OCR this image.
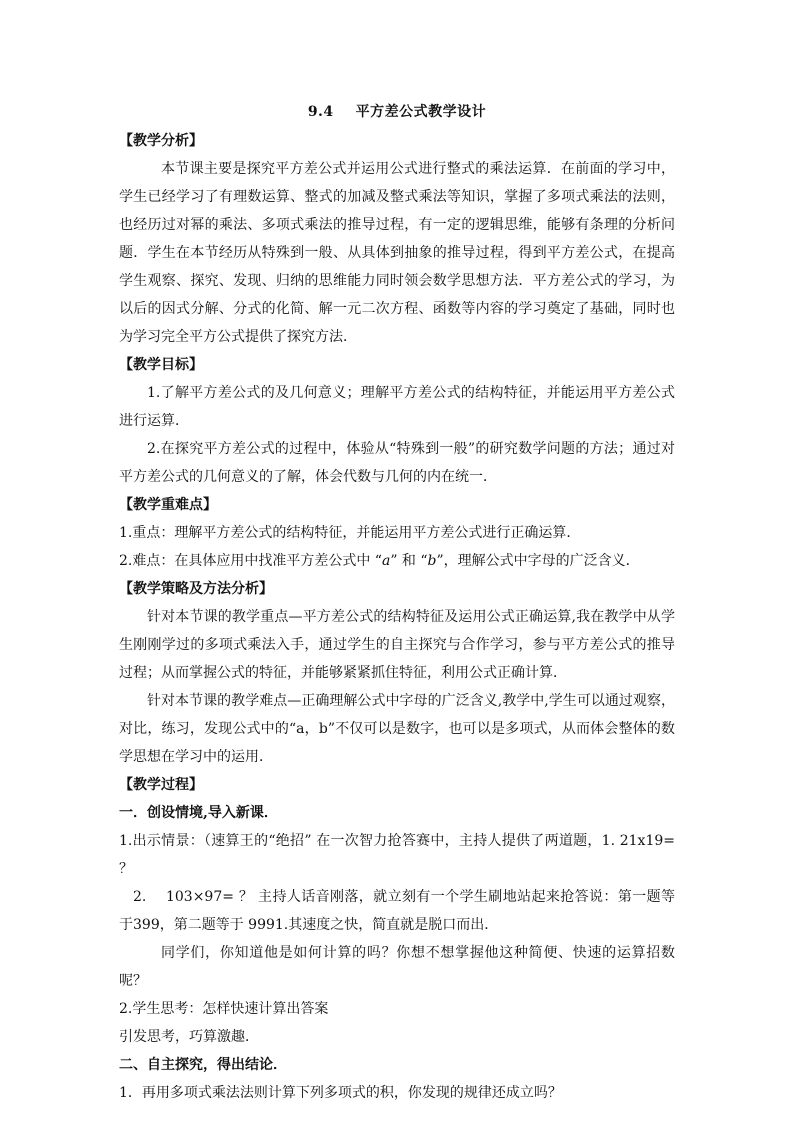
9.4 平方差公式教学设计

【教学分析】

本节课主要是探究平方差公式并运用公式进行整式的乘法运算．在前面的学习中，学生已经学习了有理数运算、整式的加减及整式乘法等知识，掌握了多项式乘法的法则，也经历过对幂的乘法、多项式乘法的推导过程，有一定的逻辑思维，能够有条理的分析问题．学生在本节经历从特殊到一般、从具体到抽象的推导过程，得到平方差公式，在提高学生观察、探究、发现、归纳的思维能力同时领会数学思想方法．平方差公式的学习，为以后的因式分解、分式的化简、解一元二次方程、函数等内容的学习奠定了基础，同时也为学习完全平方公式提供了探究方法．

【教学目标】

1.了解平方差公式的及几何意义；理解平方差公式的结构特征，并能运用平方差公式进行运算．

2.在探究平方差公式的过程中，体验从“特殊到一般”的研究数学问题的方法；通过对平方差公式的几何意义的了解，体会代数与几何的内在统一．

【教学重难点】

1.重点：理解平方差公式的结构特征，并能运用平方差公式进行正确运算．

2.难点：在具体应用中找准平方差公式中 “a” 和 “b”，理解公式中字母的广泛含义．

【教学策略及方法分析】

针对本节课的教学重点—平方差公式的结构特征及运用公式正确运算,我在教学中从学生刚刚学过的多项式乘法入手，通过学生的自主探究与合作学习，参与平方差公式的推导过程；从而掌握公式的特征，并能够紧紧抓住特征，利用公式正确计算．

针对本节课的教学难点—正确理解公式中字母的广泛含义,教学中,学生可以通过观察，对比，练习，发现公式中的“a，b”不仅可以是数字，也可以是多项式，从而体会整体的数学思想在学习中的运用．

【教学过程】

一．创设情境,导入新课．

1.出示情景：（速算王的“绝招” 在一次智力抢答赛中，主持人提供了两道题，1. 21x19= ？

2.　 103×97= ？ 主持人话音刚落，就立刻有一个学生刷地站起来抢答说：第一题等于399，第二题等于 9991.其速度之快，简直就是脱口而出．

同学们，你知道他是如何计算的吗？你想不想掌握他这种简便、快速的运算招数呢？

2.学生思考：怎样快速计算出答案

引发思考，巧算激趣．

二、自主探究，得出结论．

1．再用多项式乘法法则计算下列多项式的积，你发现的规律还成立吗？
